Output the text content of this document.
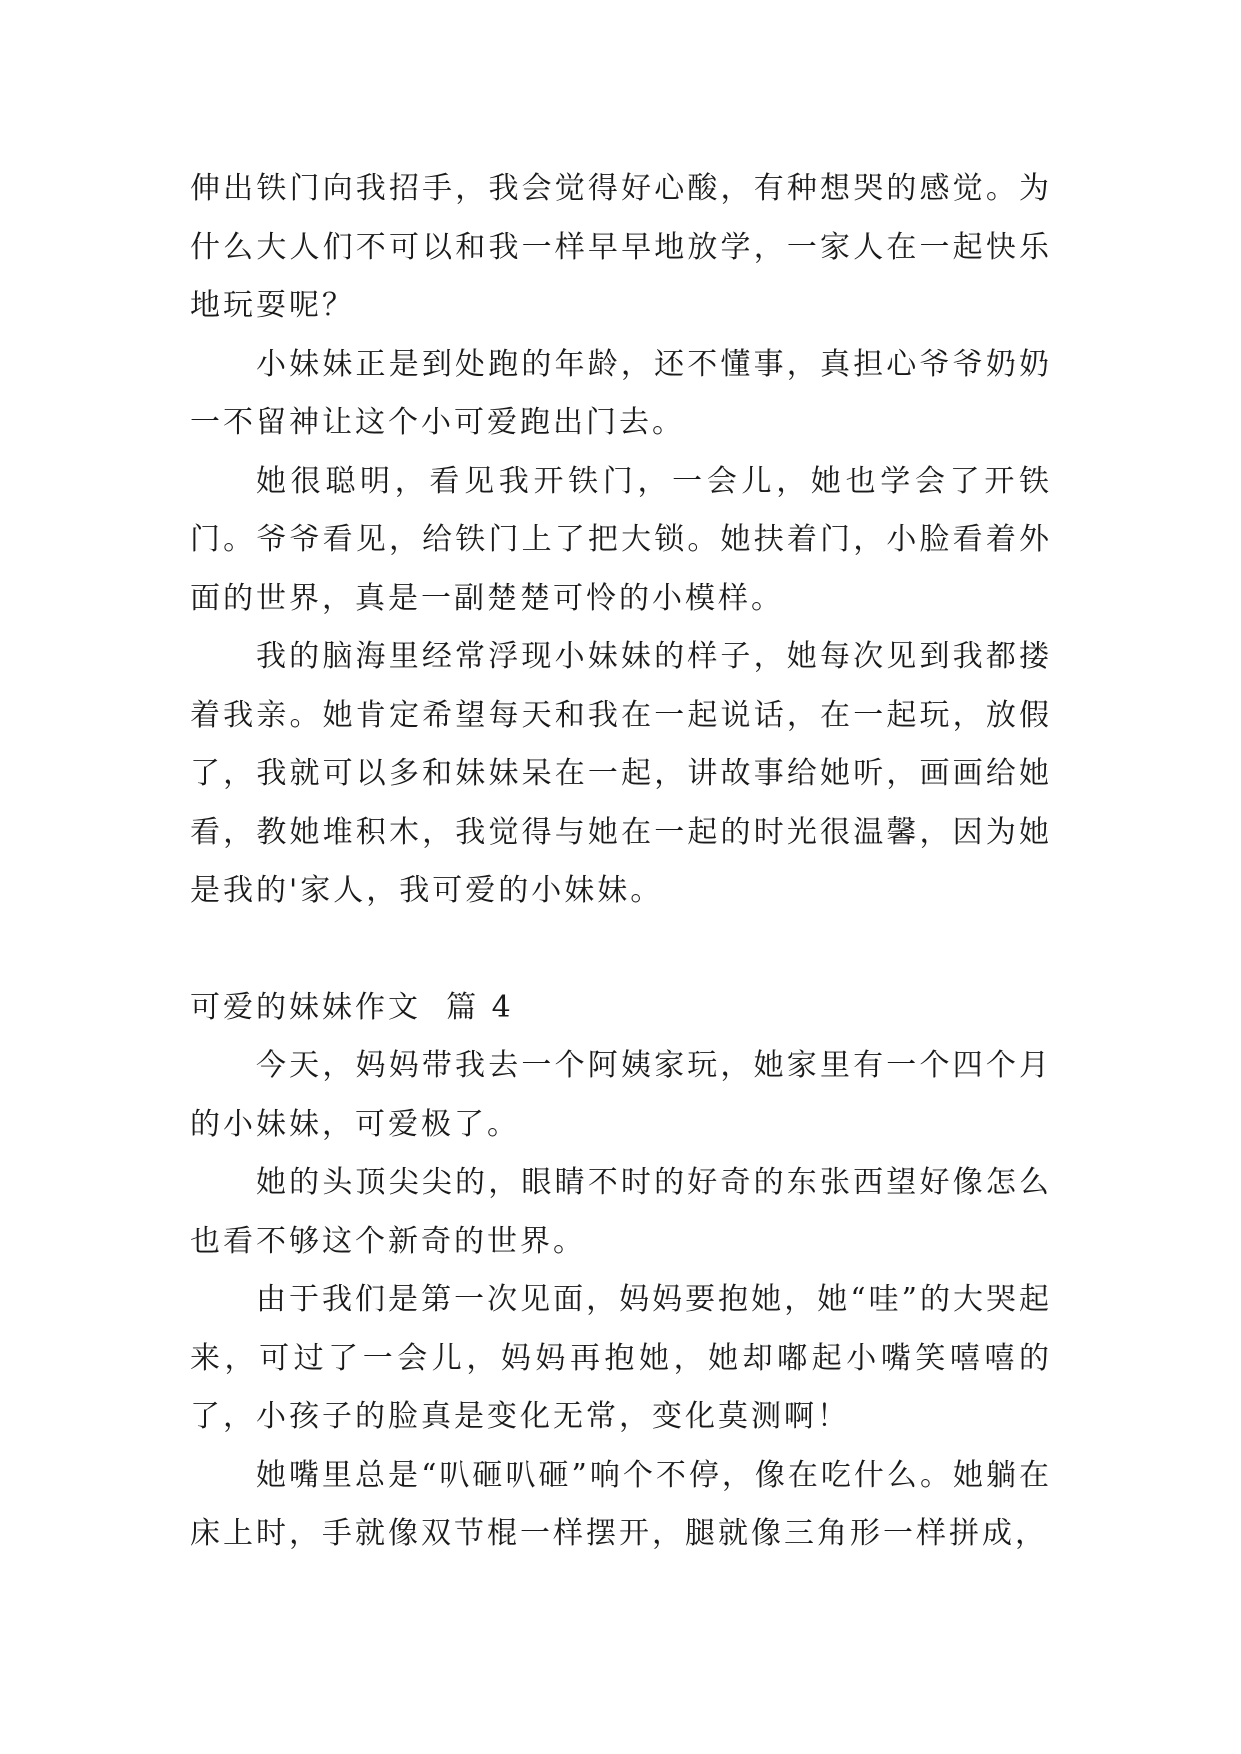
伸出铁门向我招手，我会觉得好心酸，有种想哭的感觉。为什么大人们不可以和我一样早早地放学，一家人在一起快乐地玩耍呢？

小妹妹正是到处跑的年龄，还不懂事，真担心爷爷奶奶一不留神让这个小可爱跑出门去。

她很聪明，看见我开铁门，一会儿，她也学会了开铁门。爷爷看见，给铁门上了把大锁。她扶着门，小脸看着外面的世界，真是一副楚楚可怜的小模样。

我的脑海里经常浮现小妹妹的样子，她每次见到我都搂着我亲。她肯定希望每天和我在一起说话，在一起玩，放假了，我就可以多和妹妹呆在一起，讲故事给她听，画画给她看，教她堆积木，我觉得与她在一起的时光很温馨，因为她是我的'家人，我可爱的小妹妹。

可爱的妹妹作文  篇 4

今天，妈妈带我去一个阿姨家玩，她家里有一个四个月的小妹妹，可爱极了。

她的头顶尖尖的，眼睛不时的好奇的东张西望好像怎么也看不够这个新奇的世界。

由于我们是第一次见面，妈妈要抱她，她“哇”的大哭起来，可过了一会儿，妈妈再抱她，她却嘟起小嘴笑嘻嘻的了，小孩子的脸真是变化无常，变化莫测啊！

她嘴里总是“叭砸叭砸”响个不停，像在吃什么。她躺在床上时，手就像双节棍一样摆开，腿就像三角形一样拼成，
